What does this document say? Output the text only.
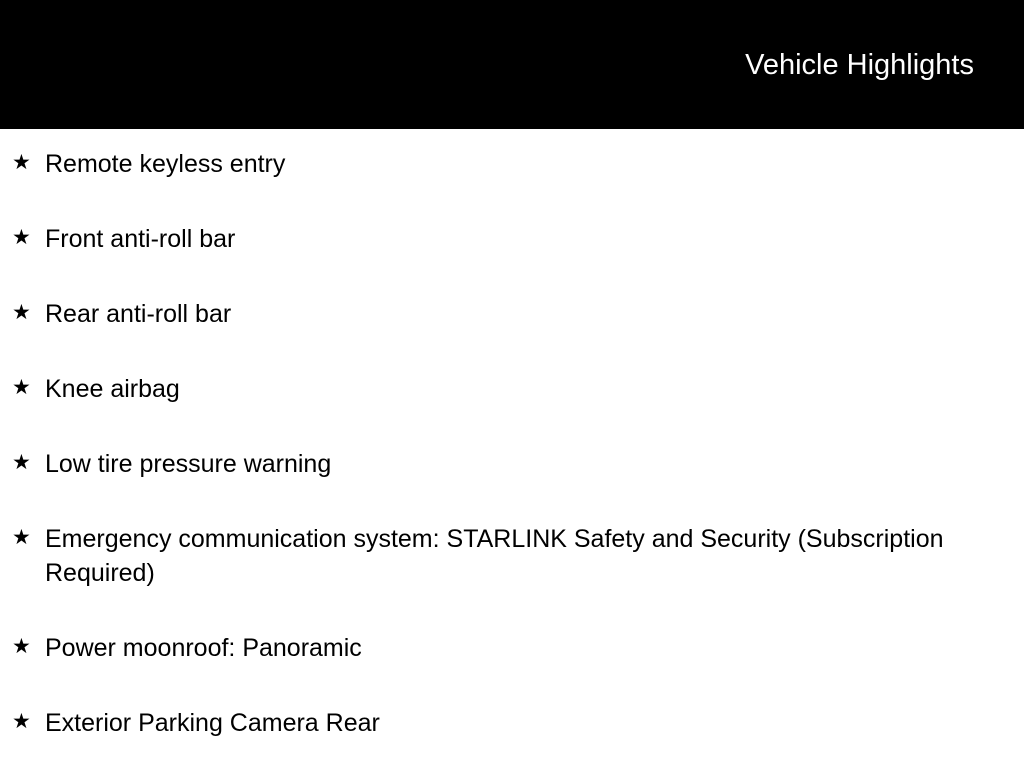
Vehicle Highlights
★ Remote keyless entry
★ Front anti-roll bar
★ Rear anti-roll bar
★ Knee airbag
★ Low tire pressure warning
★ Emergency communication system: STARLINK Safety and Security (Subscription Required)
★ Power moonroof: Panoramic
★ Exterior Parking Camera Rear
